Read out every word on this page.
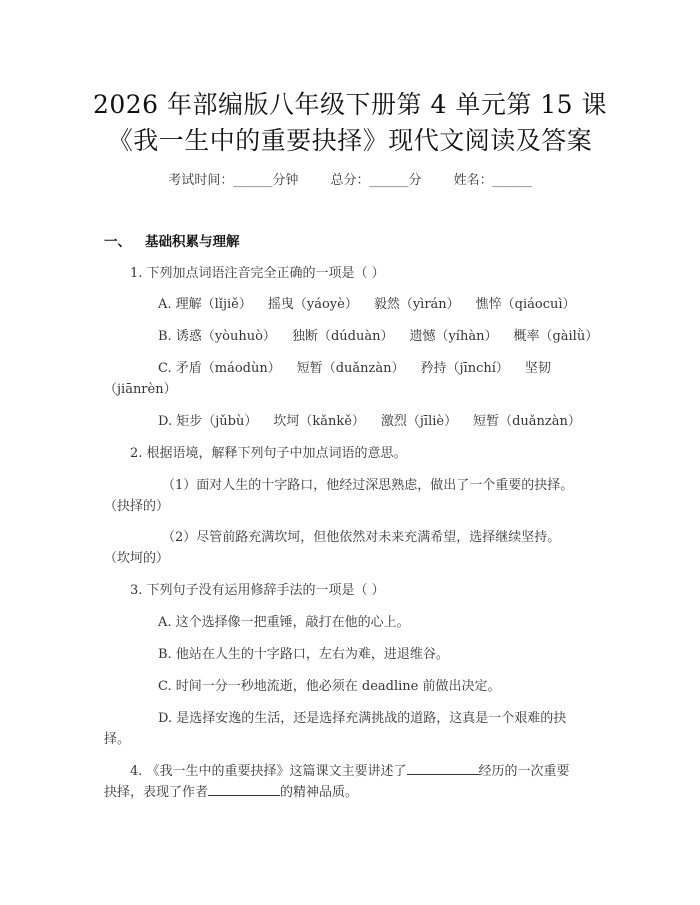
2026 年部编版八年级下册第 4 单元第 15 课
《我一生中的重要抉择》现代文阅读及答案
考试时间：______分钟 总分：______分 姓名：______
一、 基础积累与理解
1. 下列加点词语注音完全正确的一项是（ ）
A. 理解（lǐjiě） 摇曳（yáoyè） 毅然（yìrán） 憔悴（qiáocuì）
B. 诱惑（yòuhuò） 独断（dúduàn） 遗憾（yíhàn） 概率（gàilǜ）
C. 矛盾（máodùn） 短暂（duǎnzàn） 矜持（jīnchí） 坚韧
（jiānrèn）
D. 矩步（jǔbù） 坎坷（kǎnkě） 激烈（jīliè） 短暂（duǎnzàn）
2. 根据语境，解释下列句子中加点词语的意思。
（1）面对人生的十字路口，他经过深思熟虑，做出了一个重要的抉择。
（抉择的）
（2）尽管前路充满坎坷，但他依然对未来充满希望，选择继续坚持。
（坎坷的）
3. 下列句子没有运用修辞手法的一项是（ ）
A. 这个选择像一把重锤，敲打在他的心上。
B. 他站在人生的十字路口，左右为难，进退维谷。
C. 时间一分一秒地流逝，他必须在 deadline 前做出决定。
D. 是选择安逸的生活，还是选择充满挑战的道路，这真是一个艰难的抉
择。
4. 《我一生中的重要抉择》这篇课文主要讲述了	经历的一次重要
抉择，表现了作者	的精神品质。
